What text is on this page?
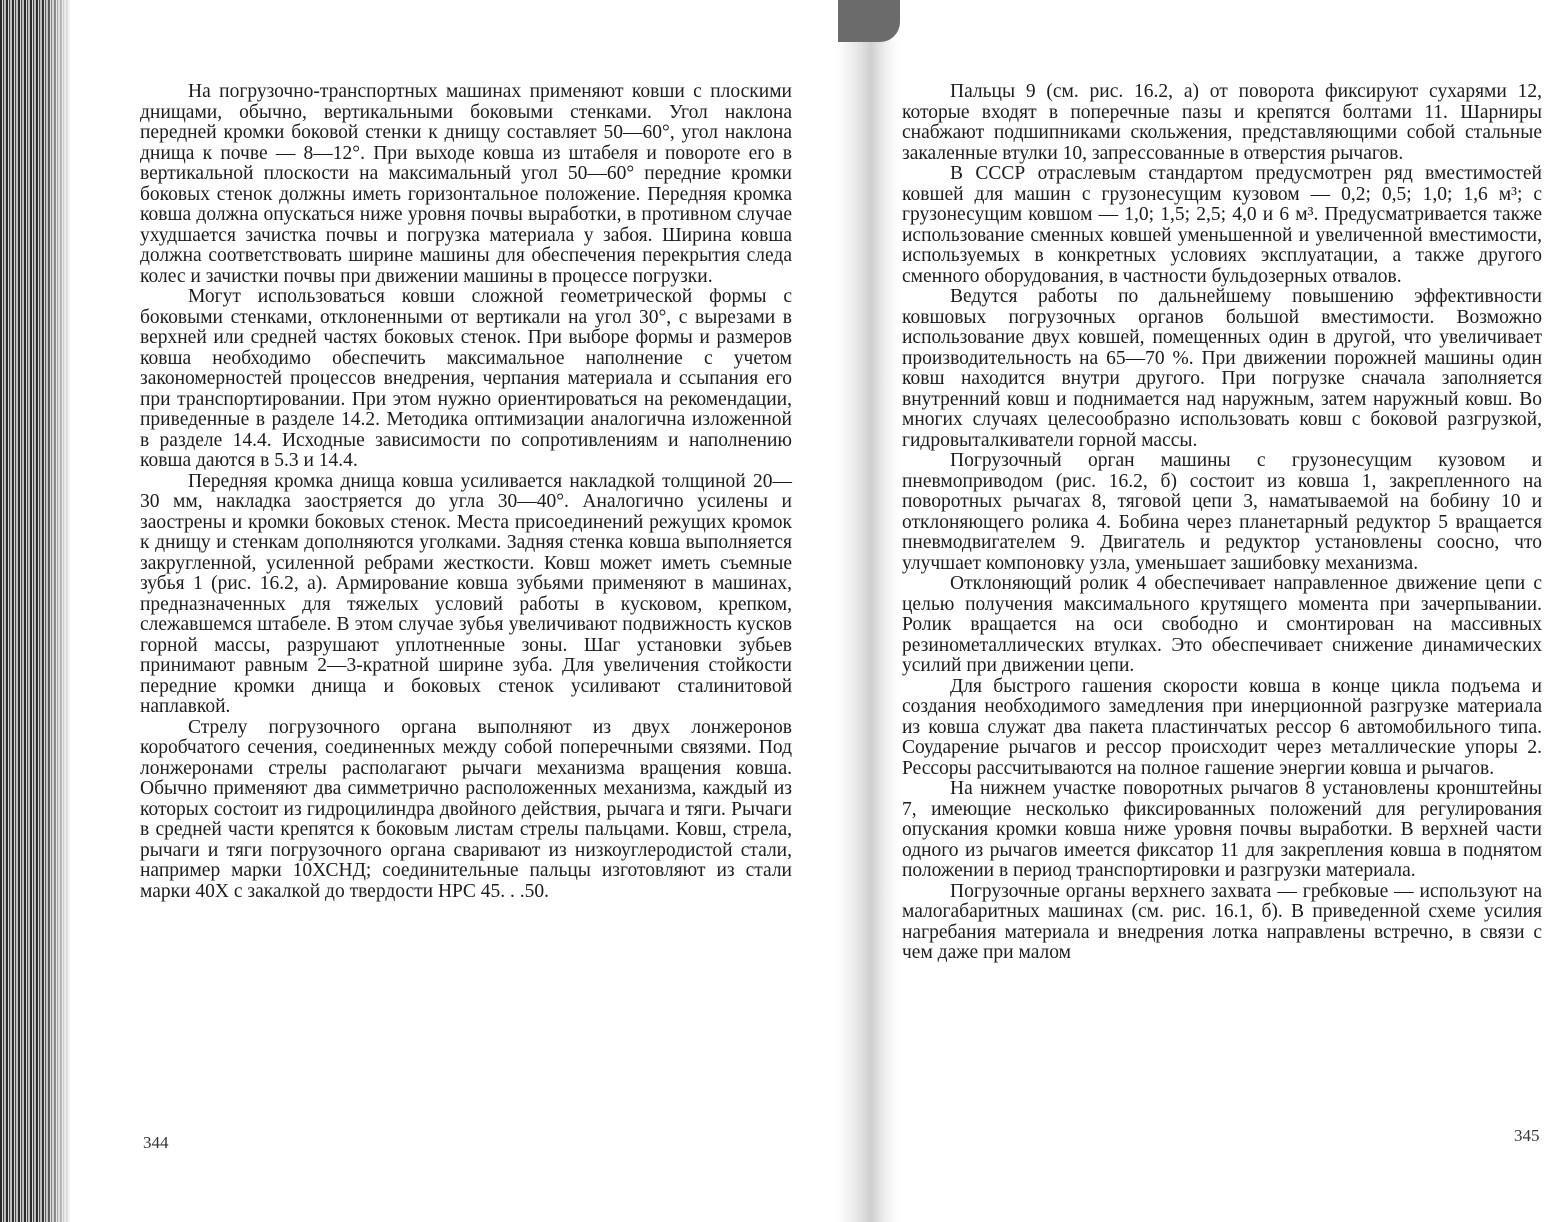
На погрузочно-транспортных машинах применяют ковши с плоскими днищами, обычно, вертикальными боковыми стенками. Угол наклона передней кромки боковой стенки к днищу составляет 50—60°, угол наклона днища к почве — 8—12°. При выходе ковша из штабеля и повороте его в вертикальной плоскости на максимальный угол 50—60° передние кромки боковых стенок должны иметь горизонтальное положение. Передняя кромка ковша должна опускаться ниже уровня почвы выработки, в противном случае ухудшается зачистка почвы и погрузка материала у забоя. Ширина ковша должна соответствовать ширине машины для обеспечения перекрытия следа колес и зачистки почвы при движении машины в процессе погрузки.

Могут использоваться ковши сложной геометрической формы с боковыми стенками, отклоненными от вертикали на угол 30°, с вырезами в верхней или средней частях боковых стенок. При выборе формы и размеров ковша необходимо обеспечить максимальное наполнение с учетом закономерностей процессов внедрения, черпания материала и ссыпания его при транспортировании. При этом нужно ориентироваться на рекомендации, приведенные в разделе 14.2. Методика оптимизации аналогична изложенной в разделе 14.4. Исходные зависимости по сопротивлениям и наполнению ковша даются в 5.3 и 14.4.

Передняя кромка днища ковша усиливается накладкой толщиной 20—30 мм, накладка заостряется до угла 30—40°. Аналогично усилены и заострены и кромки боковых стенок. Места присоединений режущих кромок к днищу и стенкам дополняются уголками. Задняя стенка ковша выполняется закругленной, усиленной ребрами жесткости. Ковш может иметь съемные зубья 1 (рис. 16.2, а). Армирование ковша зубьями применяют в машинах, предназначенных для тяжелых условий работы в кусковом, крепком, слежавшемся штабеле. В этом случае зубья увеличивают подвижность кусков горной массы, разрушают уплотненные зоны. Шаг установки зубьев принимают равным 2—3-кратной ширине зуба. Для увеличения стойкости передние кромки днища и боковых стенок усиливают сталинитовой наплавкой.

Стрелу погрузочного органа выполняют из двух лонжеронов коробчатого сечения, соединенных между собой поперечными связями. Под лонжеронами стрелы располагают рычаги механизма вращения ковша. Обычно применяют два симметрично расположенных механизма, каждый из которых состоит из гидроцилиндра двойного действия, рычага и тяги. Рычаги в средней части крепятся к боковым листам стрелы пальцами. Ковш, стрела, рычаги и тяги погрузочного органа сваривают из низкоуглеродистой стали, например марки 10ХСНД; соединительные пальцы изготовляют из стали марки 40Х с закалкой до твердости HPC 45. . .50.

344

Пальцы 9 (см. рис. 16.2, а) от поворота фиксируют сухарями 12, которые входят в поперечные пазы и крепятся болтами 11. Шарниры снабжают подшипниками скольжения, представляющими собой стальные закаленные втулки 10, запрессованные в отверстия рычагов.

В СССР отраслевым стандартом предусмотрен ряд вместимостей ковшей для машин с грузонесущим кузовом — 0,2; 0,5; 1,0; 1,6 м³; с грузонесущим ковшом — 1,0; 1,5; 2,5; 4,0 и 6 м³. Предусматривается также использование сменных ковшей уменьшенной и увеличенной вместимости, используемых в конкретных условиях эксплуатации, а также другого сменного оборудования, в частности бульдозерных отвалов.

Ведутся работы по дальнейшему повышению эффективности ковшовых погрузочных органов большой вместимости. Возможно использование двух ковшей, помещенных один в другой, что увеличивает производительность на 65—70 %. При движении порожней машины один ковш находится внутри другого. При погрузке сначала заполняется внутренний ковш и поднимается над наружным, затем наружный ковш. Во многих случаях целесообразно использовать ковш с боковой разгрузкой, гидровыталкиватели горной массы.

Погрузочный орган машины с грузонесущим кузовом и пневмоприводом (рис. 16.2, б) состоит из ковша 1, закрепленного на поворотных рычагах 8, тяговой цепи 3, наматываемой на бобину 10 и отклоняющего ролика 4. Бобина через планетарный редуктор 5 вращается пневмодвигателем 9. Двигатель и редуктор установлены соосно, что улучшает компоновку узла, уменьшает зашибовку механизма.

Отклоняющий ролик 4 обеспечивает направленное движение цепи с целью получения максимального крутящего момента при зачерпывании. Ролик вращается на оси свободно и смонтирован на массивных резинометаллических втулках. Это обеспечивает снижение динамических усилий при движении цепи.

Для быстрого гашения скорости ковша в конце цикла подъема и создания необходимого замедления при инерционной разгрузке материала из ковша служат два пакета пластинчатых рессор 6 автомобильного типа. Соударение рычагов и рессор происходит через металлические упоры 2. Рессоры рассчитываются на полное гашение энергии ковша и рычагов.

На нижнем участке поворотных рычагов 8 установлены кронштейны 7, имеющие несколько фиксированных положений для регулирования опускания кромки ковша ниже уровня почвы выработки. В верхней части одного из рычагов имеется фиксатор 11 для закрепления ковша в поднятом положении в период транспортировки и разгрузки материала.

Погрузочные органы верхнего захвата — гребковые — используют на малогабаритных машинах (см. рис. 16.1, б). В приведенной схеме усилия нагребания материала и внедрения лотка направлены встречно, в связи с чем даже при малом

345
